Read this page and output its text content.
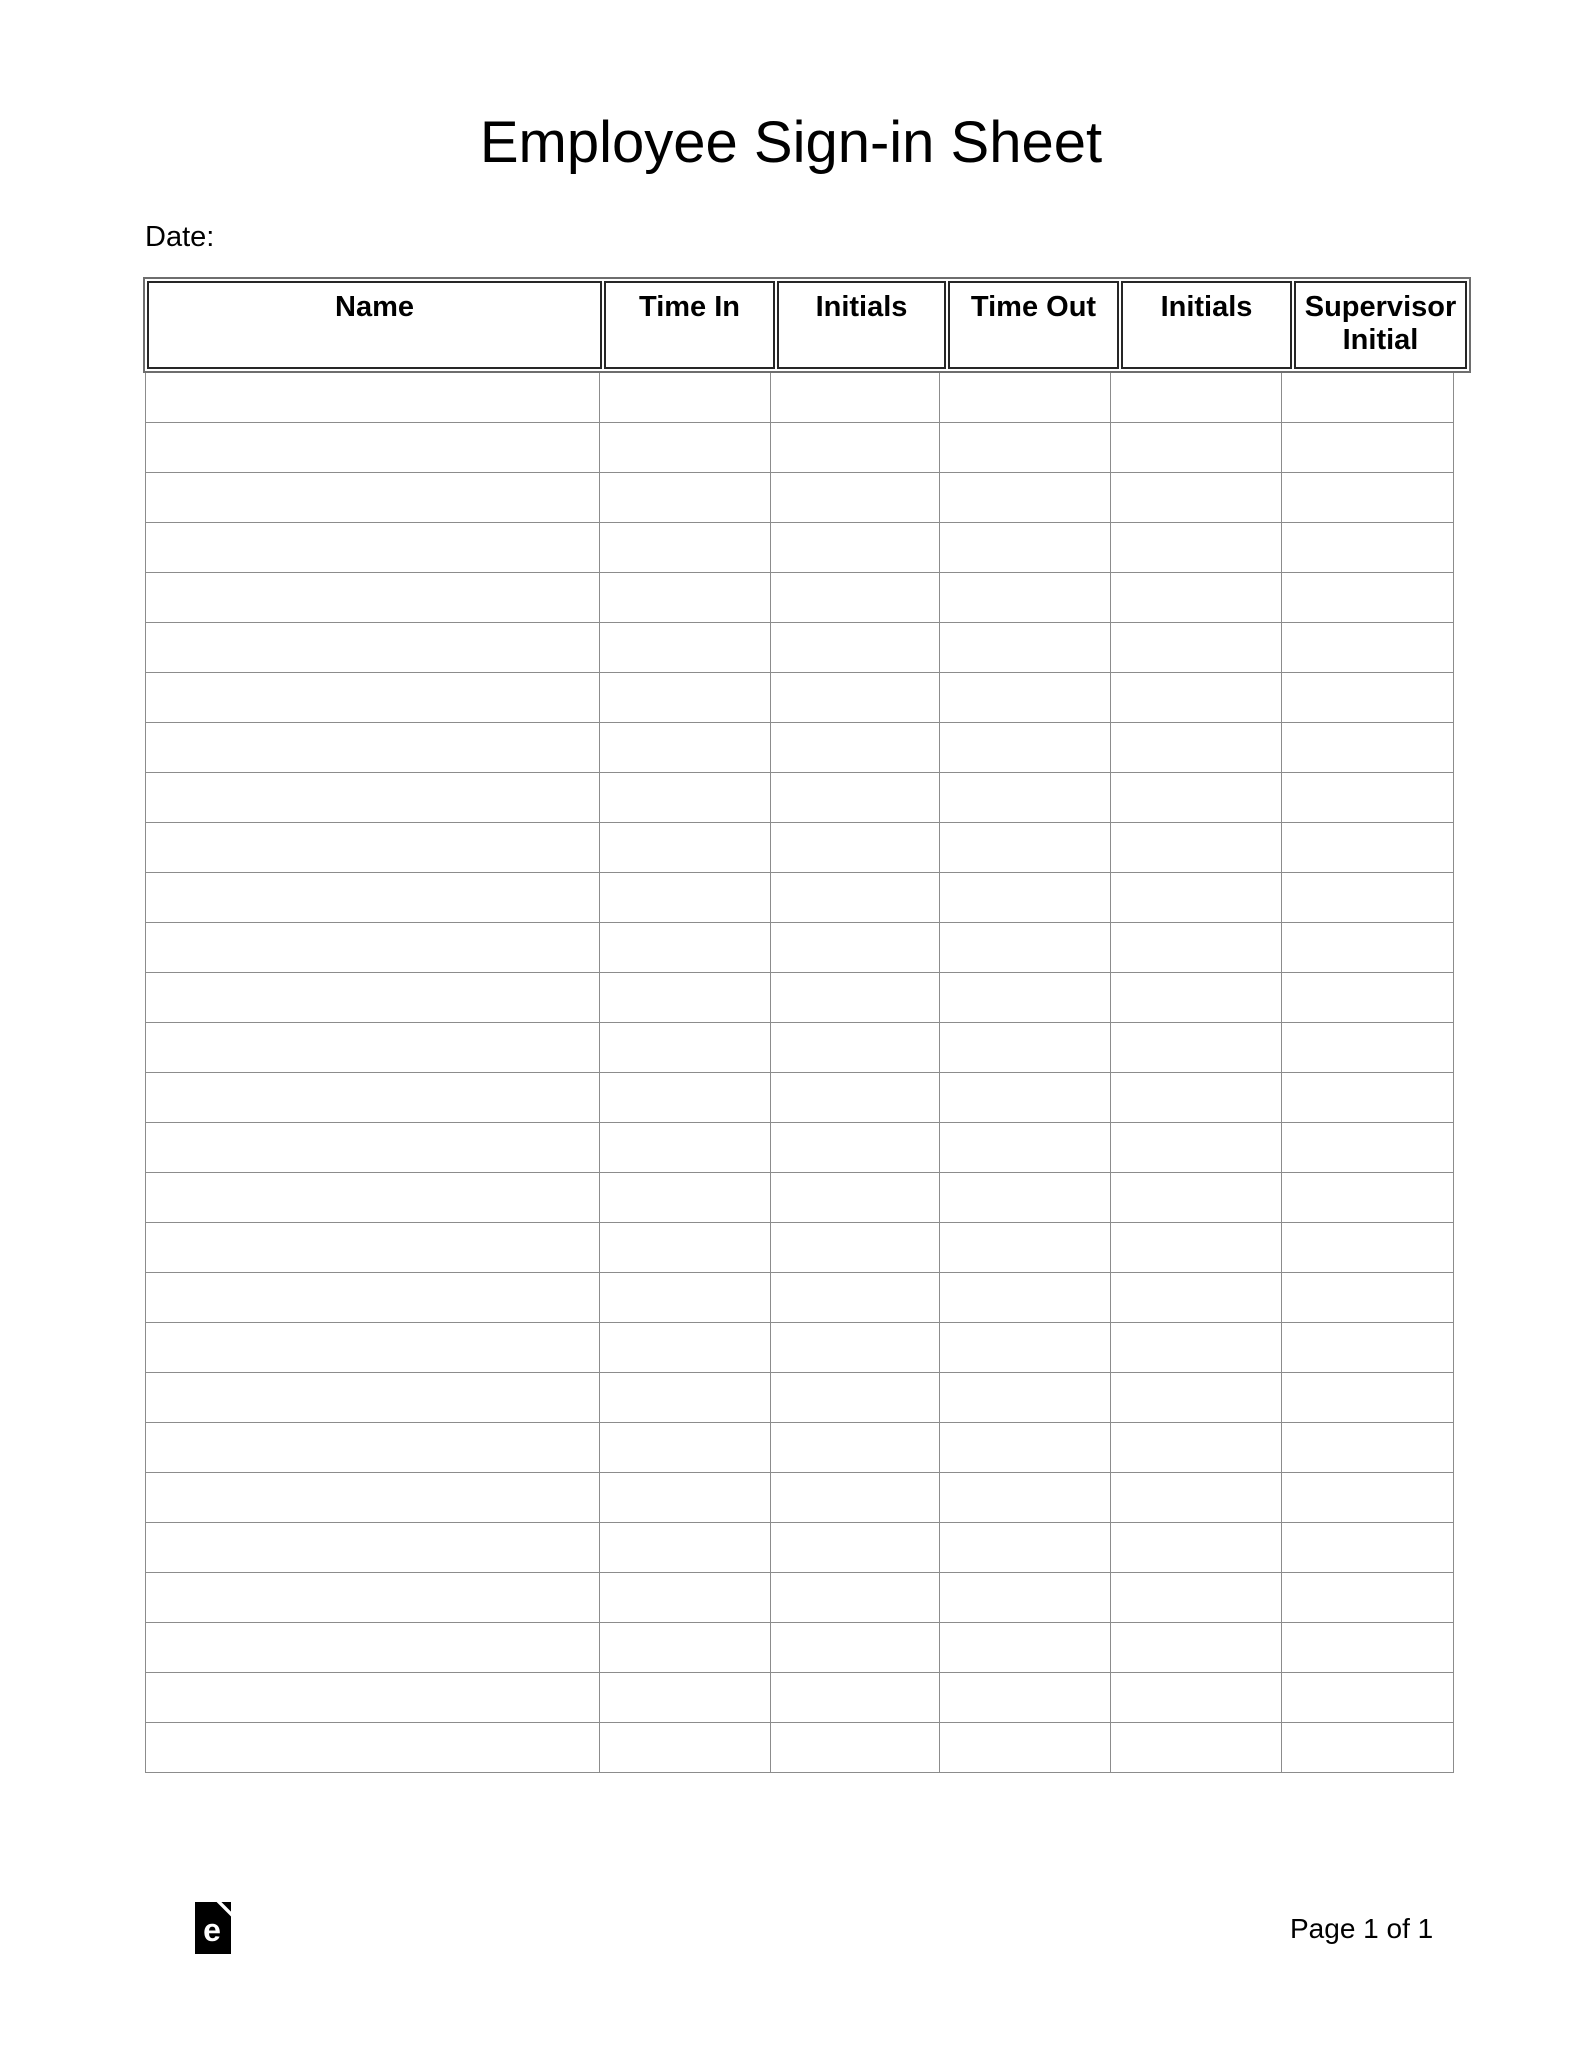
Employee Sign-in Sheet
Date:
Name	Time In	Initials	Time Out	Initials	Supervisor Initial

e	Page 1 of 1
